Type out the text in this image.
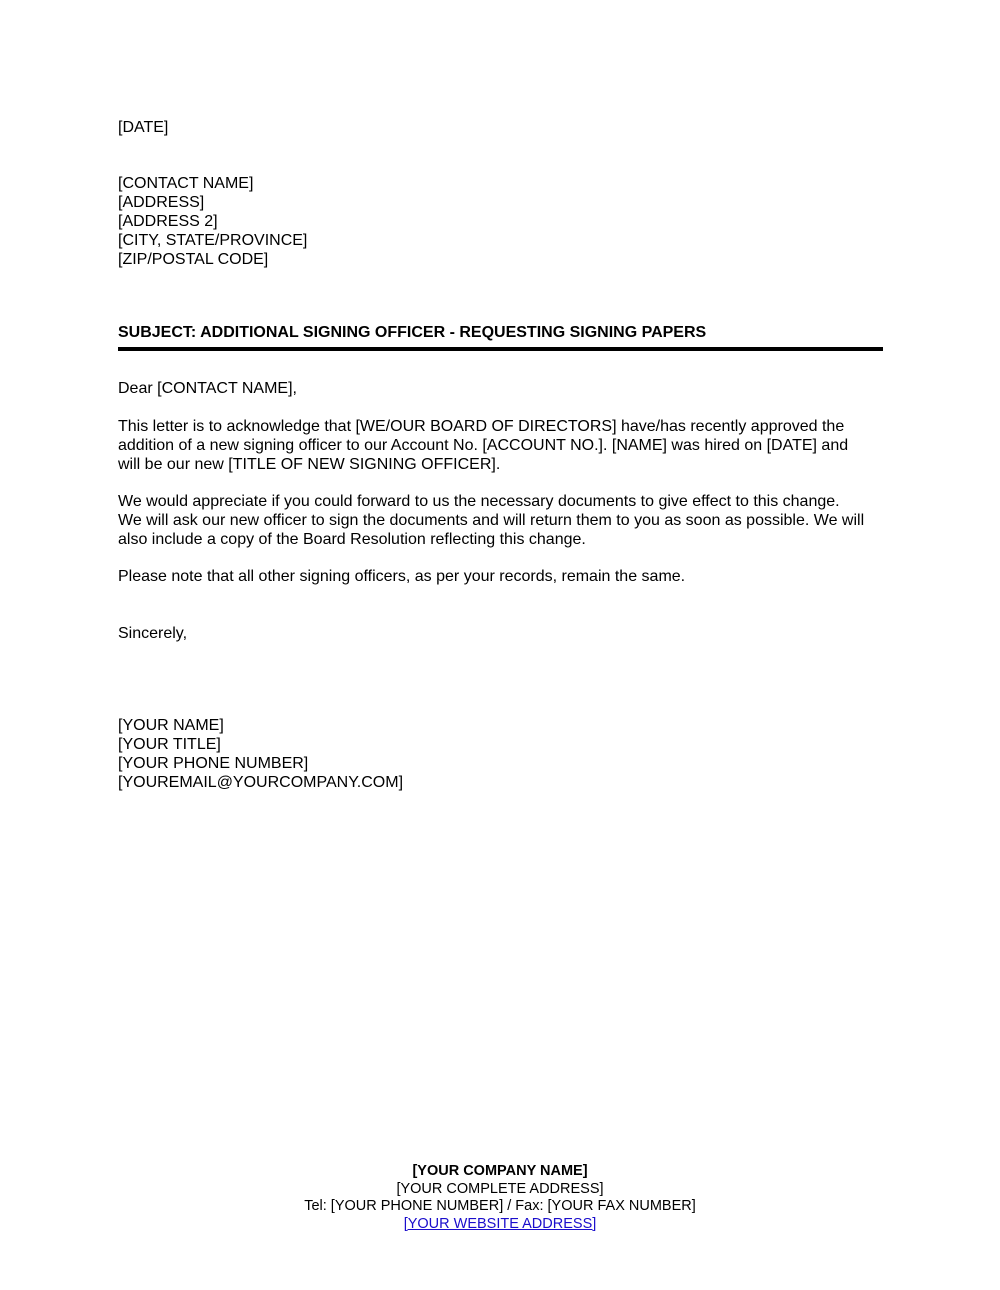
[DATE]
[CONTACT NAME]
[ADDRESS]
[ADDRESS 2]
[CITY, STATE/PROVINCE]
[ZIP/POSTAL CODE]
SUBJECT: ADDITIONAL SIGNING OFFICER - REQUESTING SIGNING PAPERS
Dear [CONTACT NAME],
This letter is to acknowledge that [WE/OUR BOARD OF DIRECTORS] have/has recently approved the
addition of a new signing officer to our Account No. [ACCOUNT NO.]. [NAME] was hired on [DATE] and
will be our new [TITLE OF NEW SIGNING OFFICER].
We would appreciate if you could forward to us the necessary documents to give effect to this change.
We will ask our new officer to sign the documents and will return them to you as soon as possible. We will
also include a copy of the Board Resolution reflecting this change.
Please note that all other signing officers, as per your records, remain the same.
Sincerely,
[YOUR NAME]
[YOUR TITLE]
[YOUR PHONE NUMBER]
[YOUREMAIL@YOURCOMPANY.COM]
[YOUR COMPANY NAME]
[YOUR COMPLETE ADDRESS]
Tel: [YOUR PHONE NUMBER] / Fax: [YOUR FAX NUMBER]
[YOUR WEBSITE ADDRESS]
